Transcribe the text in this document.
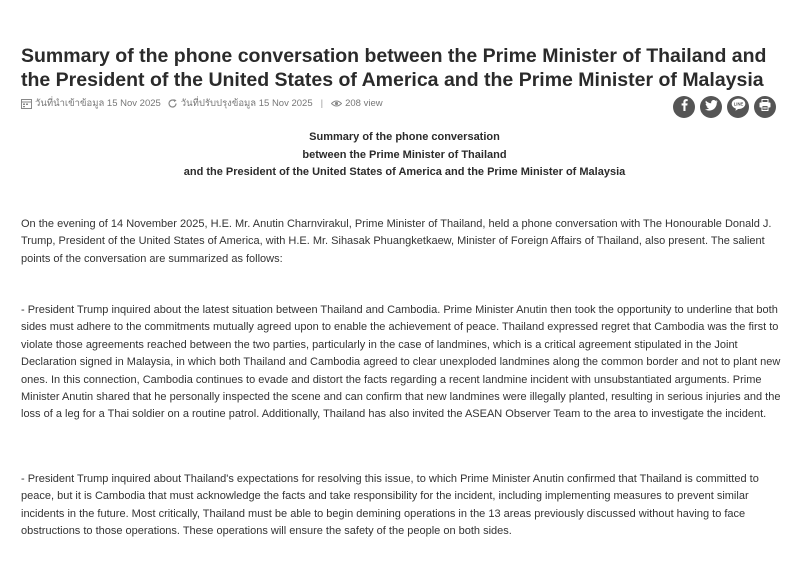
Summary of the phone conversation between the Prime Minister of Thailand and the President of the United States of America and the Prime Minister of Malaysia
วันที่นำเข้าข้อมูล 15 Nov 2025 วันที่ปรับปรุงข้อมูล 15 Nov 2025 | 208 view	LINE
Summary of the phone conversation
between the Prime Minister of Thailand
and the President of the United States of America and the Prime Minister of Malaysia

On the evening of 14 November 2025, H.E. Mr. Anutin Charnvirakul, Prime Minister of Thailand, held a phone conversation with The Honourable Donald J. Trump, President of the United States of America, with H.E. Mr. Sihasak Phuangketkaew, Minister of Foreign Affairs of Thailand, also present. The salient points of the conversation are summarized as follows:

- President Trump inquired about the latest situation between Thailand and Cambodia. Prime Minister Anutin then took the opportunity to underline that both sides must adhere to the commitments mutually agreed upon to enable the achievement of peace. Thailand expressed regret that Cambodia was the first to violate those agreements reached between the two parties, particularly in the case of landmines, which is a critical agreement stipulated in the Joint Declaration signed in Malaysia, in which both Thailand and Cambodia agreed to clear unexploded landmines along the common border and not to plant new ones. In this connection, Cambodia continues to evade and distort the facts regarding a recent landmine incident with unsubstantiated arguments. Prime Minister Anutin shared that he personally inspected the scene and can confirm that new landmines were illegally planted, resulting in serious injuries and the loss of a leg for a Thai soldier on a routine patrol. Additionally, Thailand has also invited the ASEAN Observer Team to the area to investigate the incident.

- President Trump inquired about Thailand's expectations for resolving this issue, to which Prime Minister Anutin confirmed that Thailand is committed to peace, but it is Cambodia that must acknowledge the facts and take responsibility for the incident, including implementing measures to prevent similar incidents in the future. Most critically, Thailand must be able to begin demining operations in the 13 areas previously discussed without having to face obstructions to those operations. These operations will ensure the safety of the people on both sides.
